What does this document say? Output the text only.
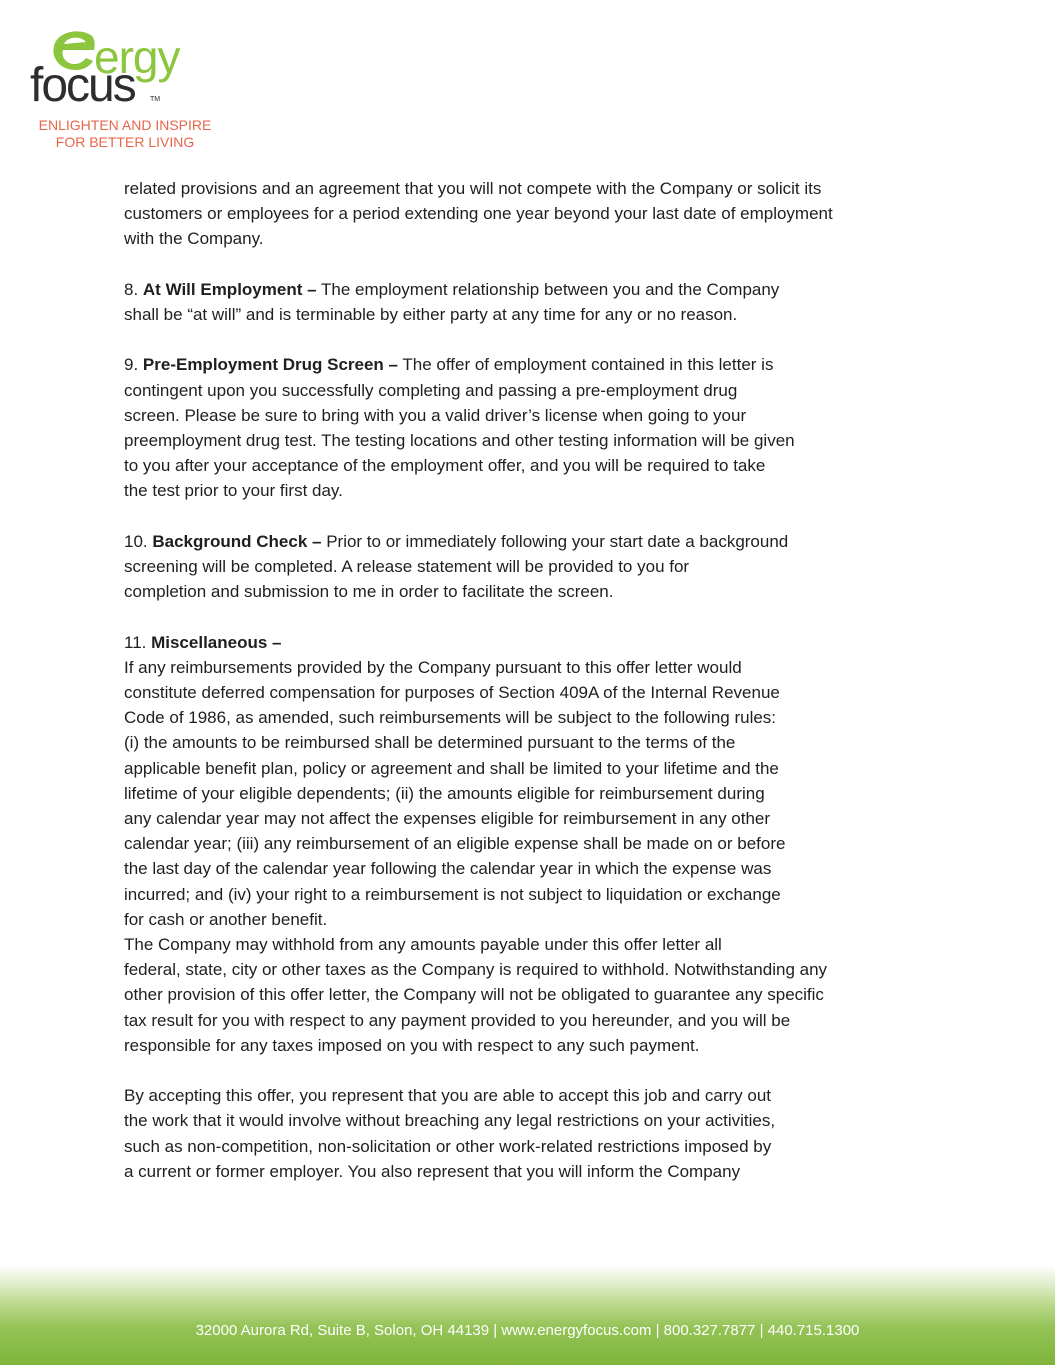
ergy
focus TM
ENLIGHTEN AND INSPIRE
FOR BETTER LIVING
related provisions and an agreement that you will not compete with the Company or solicit its
customers or employees for a period extending one year beyond your last date of employment
with the Company.
8. At Will Employment – The employment relationship between you and the Company
shall be “at will” and is terminable by either party at any time for any or no reason.
9. Pre-Employment Drug Screen – The offer of employment contained in this letter is
contingent upon you successfully completing and passing a pre-employment drug
screen. Please be sure to bring with you a valid driver’s license when going to your
preemployment drug test. The testing locations and other testing information will be given
to you after your acceptance of the employment offer, and you will be required to take
the test prior to your first day.
10. Background Check – Prior to or immediately following your start date a background
screening will be completed. A release statement will be provided to you for
completion and submission to me in order to facilitate the screen.
11. Miscellaneous –
If any reimbursements provided by the Company pursuant to this offer letter would
constitute deferred compensation for purposes of Section 409A of the Internal Revenue
Code of 1986, as amended, such reimbursements will be subject to the following rules:
(i) the amounts to be reimbursed shall be determined pursuant to the terms of the
applicable benefit plan, policy or agreement and shall be limited to your lifetime and the
lifetime of your eligible dependents; (ii) the amounts eligible for reimbursement during
any calendar year may not affect the expenses eligible for reimbursement in any other
calendar year; (iii) any reimbursement of an eligible expense shall be made on or before
the last day of the calendar year following the calendar year in which the expense was
incurred; and (iv) your right to a reimbursement is not subject to liquidation or exchange
for cash or another benefit.
The Company may withhold from any amounts payable under this offer letter all
federal, state, city or other taxes as the Company is required to withhold. Notwithstanding any
other provision of this offer letter, the Company will not be obligated to guarantee any specific
tax result for you with respect to any payment provided to you hereunder, and you will be
responsible for any taxes imposed on you with respect to any such payment.
By accepting this offer, you represent that you are able to accept this job and carry out
the work that it would involve without breaching any legal restrictions on your activities,
such as non-competition, non-solicitation or other work-related restrictions imposed by
a current or former employer. You also represent that you will inform the Company
32000 Aurora Rd, Suite B, Solon, OH 44139 | www.energyfocus.com | 800.327.7877 | 440.715.1300
